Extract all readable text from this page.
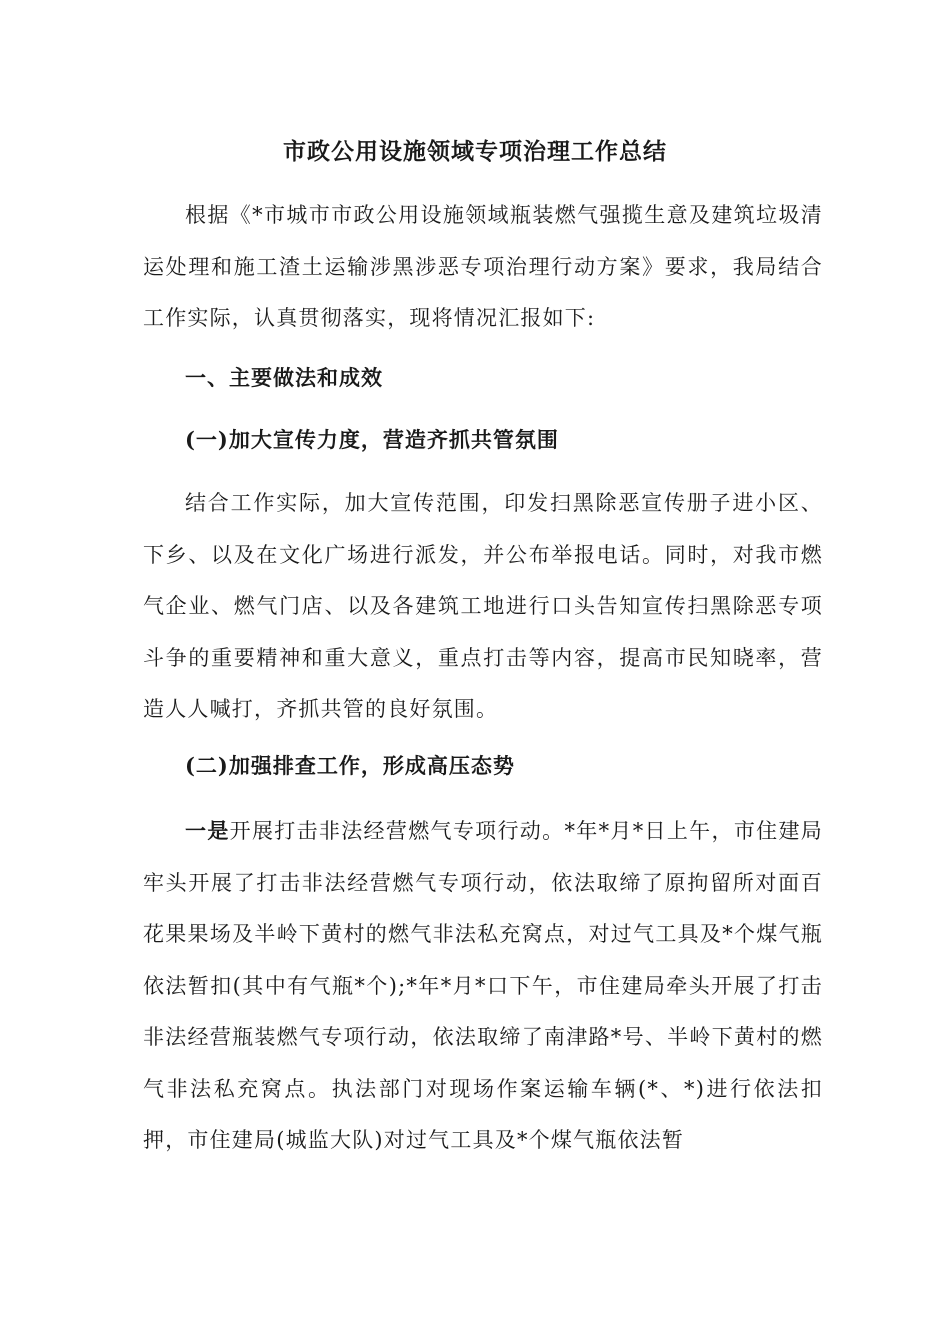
市政公用设施领域专项治理工作总结

根据《*市城市市政公用设施领域瓶装燃气强揽生意及建筑垃圾清运处理和施工渣土运输涉黑涉恶专项治理行动方案》要求，我局结合工作实际，认真贯彻落实，现将情况汇报如下:

一、主要做法和成效
(一)加大宣传力度，营造齐抓共管氛围

结合工作实际，加大宣传范围，印发扫黑除恶宣传册子进小区、下乡、以及在文化广场进行派发，并公布举报电话。同时，对我市燃气企业、燃气门店、以及各建筑工地进行口头告知宣传扫黑除恶专项斗争的重要精神和重大意义，重点打击等内容，提高市民知晓率，营造人人喊打，齐抓共管的良好氛围。

(二)加强排查工作，形成高压态势

一是开展打击非法经营燃气专项行动。*年*月*日上午，市住建局牢头开展了打击非法经营燃气专项行动，依法取缔了原拘留所对面百花果果场及半岭下黄村的燃气非法私充窝点，对过气工具及*个煤气瓶依法暂扣(其中有气瓶*个);*年*月*口下午，市住建局牵头开展了打击非法经营瓶装燃气专项行动，依法取缔了南津路*号、半岭下黄村的燃气非法私充窝点。执法部门对现场作案运输车辆(*、*)进行依法扣押，市住建局(城监大队)对过气工具及*个煤气瓶依法暂
